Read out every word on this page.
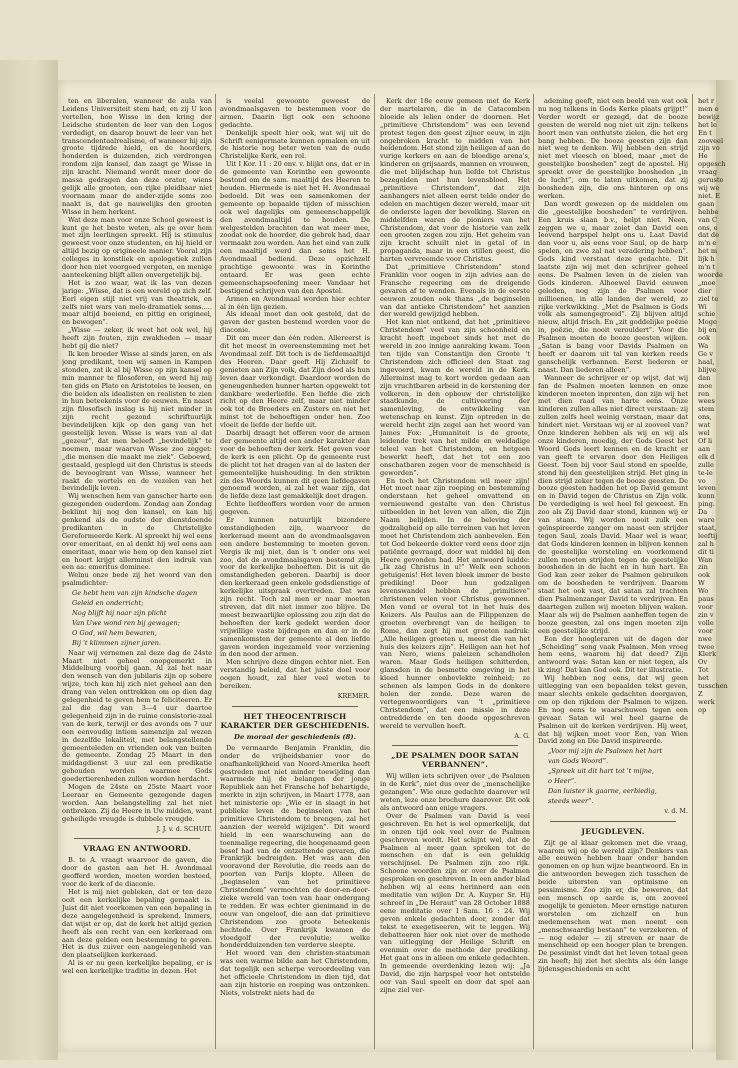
ten en liberalen, wanneer de aula van Leidens Universiteit stem had, en zij U kon vertellen, hoe Wisse in den kring der Leidsche studenten de leer van den Logos verdedigt, en daarop bouwt de leer van het transcendentaalrealisme, of wanneer hij zijn groote tijdrede hield, en de hoorders, honderden is duizenden, zich verdrongen rondom zijn kansel, dan zaagt ge Wisse in zijn kracht. Niemand wordt meer door de massa gedragen dan deze orator, wiens gelijk alle grooten, een rijke pleidbaar niet voornaam maar de ander-zijde soms zoo naakt is, dat ge nauwelijks den grooten Wisse in hem herkent.

Wat deze man voor onze School geweest is kunt ge het beste weten, als ge over hem met zijn leerlingen spreekt. Hij is stimulus geweest voor onze studenten, en hij hield er altijd bezig op origineele manier. Vooral zijn colleges in konstliek en apologetiek zullen door hen niet voorgoed vergeten, en menige aanteekening blijft allen onvergetelijk bij.

Het is zoo waar, wat ik las van dezen jarige: „Wisse, dat is een wereld op zich zelf. Eerl eigen stijl niet vrij van theatriek, en zelfs niet wars van melo-dramatiek soms..... maar altijd boeiend, en pittig en origineel, en bewogen”.

„Wisse — zeker, ik weet het ook wel, hij heeft zijn fouten, zijn zwakheden — maar hebt gij die niet?

Ik ken broeder Wisse al sinds jaren, en als jong predikant, toen wij samen in Kampen stonden, zat ik al bij Wisse op zijn kansel op min manner te filosoferen, en werd hij mij ten gids en Plato en Aristoteles te leesen, en die beiden als idealisten en realisten te zien in hun beteekenis voor de eeuwen. En naast zijn filosofisch inslag is hij niet minder in zijn recht gezond schriftuurlijk bevindelijken kijk op den gang van het geestelijk leven. Wisse is wars van al dat „gezeur”, dat men beleeft „bevindelijk” te noemen, maar waarvan Wisse zoo zegget: „die mensen die maakt me ziek”. Geboewd, gestaald, gesplegd uit den Christus is steeds de bevooglrant van Wisse, wanneer het raakt de wortels en de vezelen van het bevindelijk leven.

Wij wenschen hem van ganscher harte een gezegenden ouderdom. Zondag aan Zondag beklimt hij nog den kansel, en kan hij genkend als de oudste der dienstdoende predikanten in de Christelijke Gereformeerde Kerk. Al spreekt hij wel eens over emeritaat, en al denkt hij wel eens aan emeritaat, maar wie hem op den kansel ziet en hoort krijgt allerminst den indruk van een aa: emeritus dominee.

Welnu onze bede zij het woord van den psalmdichter:

Ge hebt hem van zijn kindsche dagen
Geleid en onderricht;
Nog blijft hij naar zijn plicht
Van Uwe wond ren bij gewagen;
O God, wil hem bewaren,
Bij 't klimmen zijner jaren.

Naar wij vernemen zal deze dag de 24ste Maart niet geheel onopgemerkt in Middelburg voorbij gaan. Al zal het naar den wensch van den jubilaris zijn op sobere wijze, toch kan hij zich niet geheel aan den drang van velen onttrekken om op dien dag gelegenheid te geven hem te feliciteeren. Er zal die dag van 3—4 uur daartoe gelegenheid zijn in de ruime consistorie-zaal van de kerk, terwijl er des avonds om 7 uur een eenvoudig intiem samenzijn zal wezen in dezelfde lokaliteit, met belangstellende gemeenteleden en vrienden ook van buiten de gemeente. Zondag 25 Maart in den middagdienst 3 uur zal een predikatie gehouden worden waarmee Gods goedertierenheden zullen worden herdacht.

Mogen de 24ste en 25ste Maart voor Leeraar en Gemeente gezegende dagen worden. Aan belangstelling zal het niet ontbreken. Zij de Heere in Uw midden, want geheiligde vreugde is dubbele vreugde.

J. J. v. d. SCHUIT.
VRAAG EN ANTWOORD.

B. te A. vraagt waarvoor de gaven, die door de gasten aan het H. Avondmaal geofferd worden, moeten worden besteed, voor de kerk of de diaconie.

Het is mij niet gebleken, dat er ten deze ooit een kerkelijke bepaling gemaakt is. Juist dit niet voorkomen van een bepaling in deze aangelegenheid is sprekend. Immers, dat wijst er op, dat de kerk het altijd gezien heeft als een recht van een kerkeraad om aan deze gelden een bestemming te geven. Het is dus zuiver een aangelegenheid van den plaatselijken kerkeraad.

Al is er nu geen kerkelijke bepaling, er is wel een kerkelijke traditie in dezen. Het

is veelal gewoonte geweest de avondmaalsgaven te bestemmen voor de armen. Daarin ligt ook een schoone gedachte.

Denkelijk speelt hier ook, wat wij uit de Schrift eenigermate kunnen opmaken en uit de historie nog beter weten van de oude Christelijke Kerk, een rol.

Uit I Kor. 11 : 20 env. v. blijkt ons, dat er in de gemeente van Korinthe een gewoonte bestond om de sam. maaltijd des Heeren te houden. Hiermede is niet het H. Avondmaal bedoeld. Dit was een samenkomen der gemeente op bepaalde tijden of misschien ook wel dagelijks om gemeenschappelijk den avondmaaltijd te houden. De welgestelden brachten dan wat meer mee, zoodat ook de hoorder, die gebrek had, daar vermaakt zou worden. Aan het eind van zulk een maaltijd werd dan soms het H. Avondmaal bediend. Deze opzichzelf prachtige gewoonte was in Korinthe ontaard. Er was geen echte gemeenschapsoefening meer. Vandaar het bestigend schrijven van den Apostel.

Armen en Avondmaal worden hier echter al in één lijn gezien.

Als ideaal moet dan ook gesteld, dat de gaven der gasten bestemd worden voor de diaconie.

Dit om meer dan één reden. Allereerst is dit het meest in overeenstemming met het Avondmaal zelf. Dit toch is de liefdemaaltijd des Heeren. Daar geeft Hij Zichzelf te genieten aan Zijn volk, dat Zijn dood als hun leven daar verkondigt. Daardoor worden de geneugenheden hunner harten opgewekt tot dankbare wederliefde. Een liefde die zich richt op den Heere zelf, maar niet minder ook tot de Broeders en Zusters en niet het minst tot de behoeftigen onder hen. Zoo vloeit de liefde der liefde uit.

Daarbij draagt het offeren voor de armen der gemeente altijd een ander karakter dan voor de behoeften der kerk. Het geven voor de kerk is een plicht. Op de gemeente rust de plicht tot het dragen van al de lasten der gemeentelijke huishouding. In den strikten zin des Woords kunnen dit geen liefdegaven genoemd worden, al zal het waar zijn, dat de liefde deze last gemakkelijk doet dragen.

Echte liefdeoffers worden voor de armen gegeven.

Er kunnen natuurlijk bizondere omstandigheden zijn, waarvoor de kerkeraad meent aan de avondmaalsgaven een andere bestemming te moeten geven. Vergis ik mij niet, dan is 't onder ons wel zoo, dat de avondmaalsgaven bestemd zijn voor de kerkelijke behoeften. Dit is uit de omstandigheden geboren. Daarbij is door den kerkeraad geen enkele godsdienstige of kerkelijke uitspraak overtreden. Dat was zijn recht. Toch zal men er naar moeten streven, dat dit niet immer zoo blijve. De meest bezwaarlijke oplossing zou zijn dat de behoeften der kerk gedekt werden door vrijwillige vaste bijdragen en dan er in de samenkomsten der gemeente al den liefde gaven worden ingezameld voor verziening in den nood der armen.

Men schrijve deze dingen echter niet. Een verstandig beleid, dat het juiste doel voor oogen houdt, zal hier veel weten te bereiken.

KREMER.
HET THEOCENTRISCH KARAKTER DER GESCHIEDENIS.
De moraal der geschiedenis (8).

De vermaarde Benjamin Franklin, die onder de vrijheidsbanier voor de onafhankelijkheid van Noord-Amerika heeft gestreden met niet minder toewijding dan waarmede hij de belangen der jonge Republiek aan het Fransche hof behartigde, merkte in zijn schrijven, in Maart 1778, aan het ministerie op: „Wie er in slaagt in het publieke leven de beginselen van het primitieve Christendom te brengen, zal het aanzien der wereld wijzigen”. Dit woord hield in een waarschuwing aan de toenmalige regeering, die hoegenaamd geen besef had van de ontzettende gevaren, die Frankrijk bedreigden. Het was aan den vooravond der Revolutie, die reeds aan de poorten van Parijs klopte. Alleen de „beginselen van het primitieve Christendom” vermochten de door-en-door-zieke wereld van toen van haar ondergang te redden. Er was echter gienimand in de eeuw van ongeloof, die aan dat primitieve Christendom zoo groote beteekenis hechtede. Over Frankrijk kwamen de vloedgolf der revolutie; welke honderdduizenden ten verderve sleepte.

Het woord van den christen-staatsman was een warme bilde aan het Christendom, dat tegelijk een scherpe veroordeeling van het officieele Christendom in dien tijd, dat aan zijn historie en roeping was ontzonken. Niets, volstrekt niets had de

Kerk der 18e eeuw gemeen met de Kerk der martelaren, die in de Catacomben bloeide als lelien onder de doornen. Het „primitieve Christendom” was een levend protest tegen den geest zijner eeuw, in zijn ongebroken kracht te midden van het heidendom. Het stond zijn heiligen af aan de vurige kerkers en aan de bloedige arena's, kinderen en grijsaards, mannen en vrouwen, die met blijdschap hun liefde tot Christus bezegelden met hun levensbloed. Het „primitieve Christendom”, dat zijn aanhangers niet alleen eerst telde onder de edelen en machtigen dezer wereld, maar uit de onderste lagen der bevolking. Slaven en middelfden waren de pioniers van het Christendom, dat voor de historie van zelk een grooten zegen zou zijn. Het geheim van zijn kracht schuilt niet in getal of in propaganda, maar in een stillen geest, die harten vervreemde voor Christus.

Dat „primitieve Christendom” stond Franklin voor oogen in zijn advies aan de Fransche regeering om de dreigende gevaren af te wenden. Evenals in de eerste eeuwen zouden ook thans „de beginselen van dat antieke Christendom” het aanzien der wereld gewijzigd hebben.

Het kan niet ontkend, dat het „primitieve Christendom” veel van zijn schoonheid en kracht heeft ingeboet sinds het met de wereld in zoo innige aanraking kwam. Toen ten tijde van Constantijn den Groote 't Christendom zich officieel den Staat zag ingevoerd, kwam de wereld in de Kerk. Allerminst mag te kort worden gedaan aan zijn vruchtbaren arbeid in de kerstening der volkeren, in den opbouw der christelijke staatkunde, de cultiveering der samenleving, de ontwikkeling van wetenschap en kunst. Zijn optreden in de wereld hecht zijn zegel aan het woord van James Fox: „Humaniteit is de groote, leidende trek van het milde en weldadige teleel van het Christendom, en hetgeen bewerkt heeft, dat het tot een zoo onschatbaren zegen voor de menschheid is geworden”.

En toch het Christendom wil meer zijn! Het moet naar zijn roeping en bestemming onderstaan het geheel omvattend en vernieuwend gestalte van den Christus uitbeelden in het leven van allen, die Zijn Naam belijden. In de beleving der godzaligheid op alle terreinen van het leven moet het Christendom zich aanbevelen. Een tot God bekeerde dokter verd eens door zijn patiënte gevraagd, door wat middel hij den Heere gevonden had. Het antwoord luidde: „Ik zag Christus in u!” Welk een schoon getuigenis! Het leven bleek immer de beste prediking! Door hun godzaligen levenswandel hebben de „primitieve” christenen velen voor Christus gewonnen. Men vond er overal tot in het huis des Keizers. Als Paulus aan de Filippenzen de groeten overbrengt van de heiligen te Rome, dan zegt hij met groeten nadruk: „Alle heiligen groeten u, meest die van het huis des keizers zijn”. Heiligen aan het hof van Nero, wiens paleizen schandholen waren. Maar Gods heiligen schitterden, glansden in de besmette omgeving in het kleed hunner onbevlekte reinheid; ze schenen als lampen Gods in de donkere holen der zonde. Deze waren de vertegenwoordigers van 't „primitieve Christendom”, dat een missie in deze ontredderde en ten doode opgeschreven wereld te vervullen heeft.

A. G.
„DE PSALMEN DOOR SATAN VERBANNEN”.

Wij willen iets schrijven over „de Psalmen in de Kerk”, niet dus over de „menschelijke gezangen”. Wie onze gedachte daarover wil weten, leze onze brochure daarover. Dit ook als antwoord aan enige vragers.

Over de Psalmen van David is veel geschreven. En het is wel opmerkelijk, dat in onzen tijd ook veel over de Psalmen geschreven wordt. Het schijnt wel, dat de Psalmen al meer gaan spreken tot de menschen en dat is een gelukkig verschijnsel. De Psalmen zijn zoo rijk. Schoone woorden zijn er over de Psalmen gesproken en geschreven. In een ander blad hebben wij al eens herinnerd aan een meditatie van wijlen Dr. A. Kuyper Sr. Hij schreef in „De Heraut” van 28 October 1888 eene meditatie over I Sam. 16 : 24. Wij geven enkele gedachten door, zonder dat tekst te exegetiseeren, wit te leggen. Wij debatteeren hier ook niet over de methode van uitlegging der Heilige Schrift en evenmin over de methode der prediking. Het gaat ons in alleen om enkele gedachten. In gemeende overdenking lezen wij: „Ja David, die zijn harpspel voor het ontstelde oor van Saul speelt en door dat spel aan zijne ziel ver-

ademing geeft, niet een beeld van wat ook nu nog telkens in Gods Kerke plaats grijpt!” Verder wordt er gezegd, dat de booze geesten de wereld nog niet uit zijn: telkens hoort men van onthutste zielen, die het erg bang hebben. De booze geesten zijn dan niet weg te denken. Wij hebben den strijd niet met vleesch en bloed, maar „met de geestelijke boosheden” zegt de apostel. Hij spreekt over de geestelijke boosheden „in de lucht”, om te laten uitkomen, dat zij boosheden zijn, die ons hinteren op ons werken.

Dan wordt gewezen op de middelen om die „geestelijke boosheden” te verdrijven. Een kruis slaan b.v., helpt niet. Neen, zeggen we u, maar zoiet dan David een Ieovend harpspel helpt ons u. Laat David dan voor u, als eens voor Saul, op de harp spelen, en zwe zal nat veradering hebben”. Gods kind verstaat deze gedachte. Dit laatste zijn wij met den schrijver geheel eens. De Psalmen leven in de zielen van Gods kinderen. Alhoewel David eeuwen geleden, nog zijn de Psalmen voor millioenen, in alle landen der wereld, zo rijke verkwikking. „Met de Psalmen is Gods volk als samengegroeid”. Zij blijven altijd nieuw, altijd frisch. En „zit goddelijke poëzie in, poëzie, die nooit verouldert”. Voor die Psalmen moeten de booze geesten wijken. „Satan is bang voor Davids Psalmen en heeft er daarom uit tal van kerken reeds ganschelijk verbannen. Eerst liederen er naast. Dan liederen alleen”.

Wanneer de schrijver er op wijst, dat wij fan de Psalmen moeten kennen en onze kinderen moeten inprenten, dan zijn wij het met dien raad van harte eens. Onze kinderen zullen alles niet direct verstaan: zij zullen zelfs heel weinig verstaan, maar dat hindert niet. Verstaan wij er al zooveel van? Onze kinderen hebben als wij en wij als onze kinderen, moedig, der Gods Geest het Woord Gods leert kennen en de kracht er van geeft te ervaren door den Heiligen Geest. Toen bij voor Saul stond en speelde, stond hij den geestelijken strijd. Het ging in dien strijd zeker tegen de booze geesten. De booze geesten hadden het op David gemunt en in David tegen de Christus en Zijn volk. De verdediging is wel heel fel geweest. En zoo als Zij David daar stond, kunnen wij er van staan. Wij worden nooit zulk een geïnspireerde zanger om naast een strijder tegen Saul, zoals David. Maar wel is waar, dat Gods kinderen kennen in blijven kennen de geestelijke worsteling en voorkomend zullen moeten strijden tegen de geestelijke boosheden in de lucht en in hun hart. En God kan zeer zeker de Psalmen gebruiken om de boosheden te verdrijven. Daarom staat het ook vast, dat satan zal trachten dien Psalmenzanger David te verdrijven. En daartegen zullen wij moeten blijven waken. Maar als wij de Psalmen aanheffen tegen de booze geesten, zal ons ingen moeten zijn een geestelijke strijd.

Een der hoogleraren uit de dagen der „Scheiding” song vaak Psalmen. Men vroeg hem eens, waarom hij dat deed? Zijn antwoord was: Satan kan er niet tegen, als ik zing! Dat kan God ook. Dit ter illustratie.

Wij hebben nog eens, dat wij geen uitlegging van een bepaalden tekst geven, maar slechts enkele gedachten doorgaven, om op den rijkdom der Psalmen te wijzen. En nog eens te waarschuwen tegen een gevaar. Satan wil wel heel gaarne de Psalmen uit de kerken verdrijven. Hij weet, dat hij wijken moet voor Een, van Wien David zong en Die David inspireerde.

„Voor mij zijn de Psalmen het hart
van Gods Woord”.
„Spreek uit dit hart tot 't mijne,
o Heer”.
Dan luister ik gaarne, eerbiedig,
steeds weer”.
v. d. M.
JEUGDLEVEN.

Zijt ge al klaar gekomen met die vraag, waarom wij op de wereld zijn? Denkers van alle eeuwen hebben haar onder handen genomen en op hun wijze beantwoord. En in die antwoorden bewegen zich tusschen de beide uitersten van optimisme en pessimisme. Zoo zijn er, die beweren, dat een mensch op aarde is, om zooveel mogelijk te genieten. Meer ernstige naturen worstelen om zichzelf en hun medemenschen wat men noemt een „menschwaardig bestaan” te verzekeren. of — nog edeler — zij streven er naar de menschheid op een hooger plan te brengen. De pessimist vindt dat het leven totaal geen zin heeft; hij ziet het slechts als één lange lijdensgeschiedenis en acht

het r

men e

bewijz

het le

En t

zooveel

zijn vo

He

opgesch

vraag

geruste

wij we

niet. E

gaan

hebbe

van C

ons, e

dat de

m'n e

het m

lijk h

m'n t

woorde

„moe

dier

ziel te

Wi

schie

Moge

bij en

ook

Wa

Ge v

haal,

blijve

dan

moe

ren

wees

stem

ons,

wat

wel

Of li

aan

elk d

zulle

te-le

vo

leven

kunn

ping.

Da

ware

staat,

leeftij

zal h

dit ti

Wan

zin

ook

W

Wo

paus

voor

zin v

volle

voor

nwe

twee

Klerk

Ov

Tot

het

tusschen

Z

werk

op
